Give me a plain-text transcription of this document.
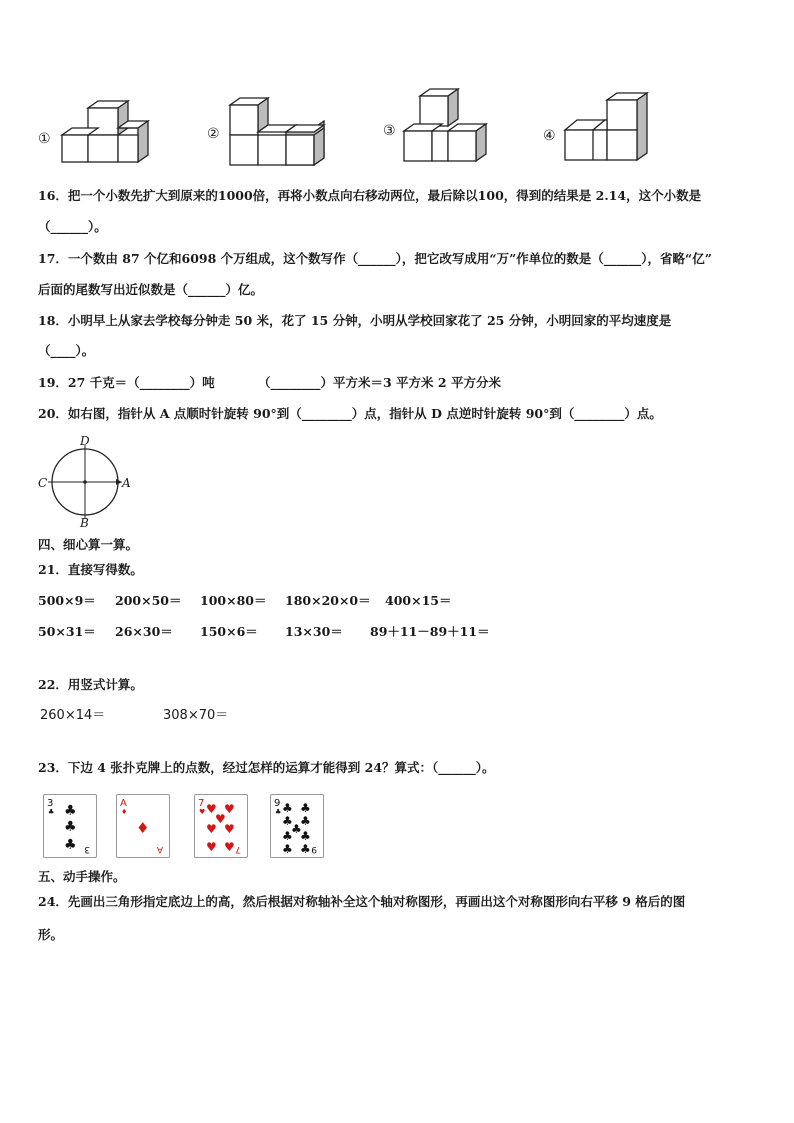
①	②	③	④
16．把一个小数先扩大到原来的1000倍，再将小数点向右移动两位，最后除以100，得到的结果是 2.14，这个小数是
（______）。
17．一个数由 87 个亿和6098 个万组成，这个数写作（______），把它改写成用“万”作单位的数是（______），省略“亿”
后面的尾数写出近似数是（______）亿。
18．小明早上从家去学校每分钟走 50 米，花了 15 分钟，小明从学校回家花了 25 分钟，小明回家的平均速度是
（____）。
19．27 千克＝（________）吨	（________）平方米＝3 平方米 2 平方分米
20．如右图，指针从 A 点顺时针旋转 90°到（________）点，指针从 D 点逆时针旋转 90°到（________）点。
D
C	A
B
四、细心算一算。
21．直接写得数。
500×9＝ 200×50＝ 100×80＝ 180×20×0＝ 400×15＝
50×31＝ 26×30＝ 150×6＝ 13×30＝ 89＋11－89＋11＝
22．用竖式计算。
260×14＝	308×70＝
23．下边 4 张扑克牌上的点数，经过怎样的运算才能得到 24？算式：（______）。
3
♣ ♣
♣
♣ 3
A
♦
♦
A
7
♥ ♥ ♥
♥
♥ ♥
♥ ♥ 7
9
♣ ♣ ♣
♣ ♣
♣
♣ ♣
♣ ♣ 9
五、动手操作。
24．先画出三角形指定底边上的高，然后根据对称轴补全这个轴对称图形，再画出这个对称图形向右平移 9 格后的图
形。
